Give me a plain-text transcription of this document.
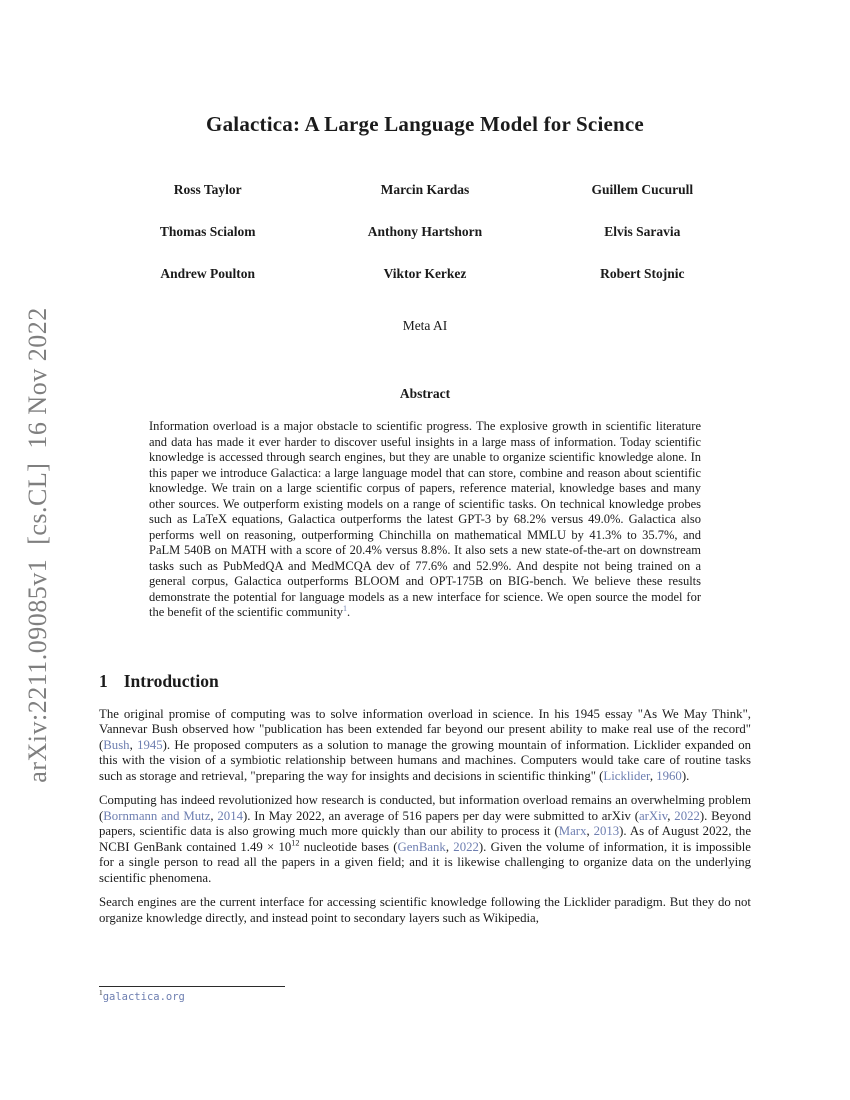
arXiv:2211.09085v1  [cs.CL]  16 Nov 2022
Galactica: A Large Language Model for Science
Ross Taylor	Marcin Kardas	Guillem Cucurull
Thomas Scialom	Anthony Hartshorn	Elvis Saravia
Andrew Poulton	Viktor Kerkez	Robert Stojnic
Meta AI
Abstract

Information overload is a major obstacle to scientific progress. The explosive growth in scientific literature and data has made it ever harder to discover useful insights in a large mass of information. Today scientific knowledge is accessed through search engines, but they are unable to organize scientific knowledge alone. In this paper we introduce Galactica: a large language model that can store, combine and reason about scientific knowledge. We train on a large scientific corpus of papers, reference material, knowledge bases and many other sources. We outperform existing models on a range of scientific tasks. On technical knowledge probes such as LaTeX equations, Galactica outperforms the latest GPT-3 by 68.2% versus 49.0%. Galactica also performs well on reasoning, outperforming Chinchilla on mathematical MMLU by 41.3% to 35.7%, and PaLM 540B on MATH with a score of 20.4% versus 8.8%. It also sets a new state-of-the-art on downstream tasks such as PubMedQA and MedMCQA dev of 77.6% and 52.9%. And despite not being trained on a general corpus, Galactica outperforms BLOOM and OPT-175B on BIG-bench. We believe these results demonstrate the potential for language models as a new interface for science. We open source the model for the benefit of the scientific community$^1$.

1 Introduction

The original promise of computing was to solve information overload in science. In his 1945 essay "As We May Think", Vannevar Bush observed how "publication has been extended far beyond our present ability to make real use of the record" (Bush, 1945). He proposed computers as a solution to manage the growing mountain of information. Licklider expanded on this with the vision of a symbiotic relationship between humans and machines. Computers would take care of routine tasks such as storage and retrieval, "preparing the way for insights and decisions in scientific thinking" (Licklider, 1960).

Computing has indeed revolutionized how research is conducted, but information overload remains an overwhelming problem (Bornmann and Mutz, 2014). In May 2022, an average of 516 papers per day were submitted to arXiv (arXiv, 2022). Beyond papers, scientific data is also growing much more quickly than our ability to process it (Marx, 2013). As of August 2022, the NCBI GenBank contained $1.49 \times 10^{12}$ nucleotide bases (GenBank, 2022). Given the volume of information, it is impossible for a single person to read all the papers in a given field; and it is likewise challenging to organize data on the underlying scientific phenomena.

Search engines are the current interface for accessing scientific knowledge following the Licklider paradigm. But they do not organize knowledge directly, and instead point to secondary layers such as Wikipedia,

$^1$galactica.org
